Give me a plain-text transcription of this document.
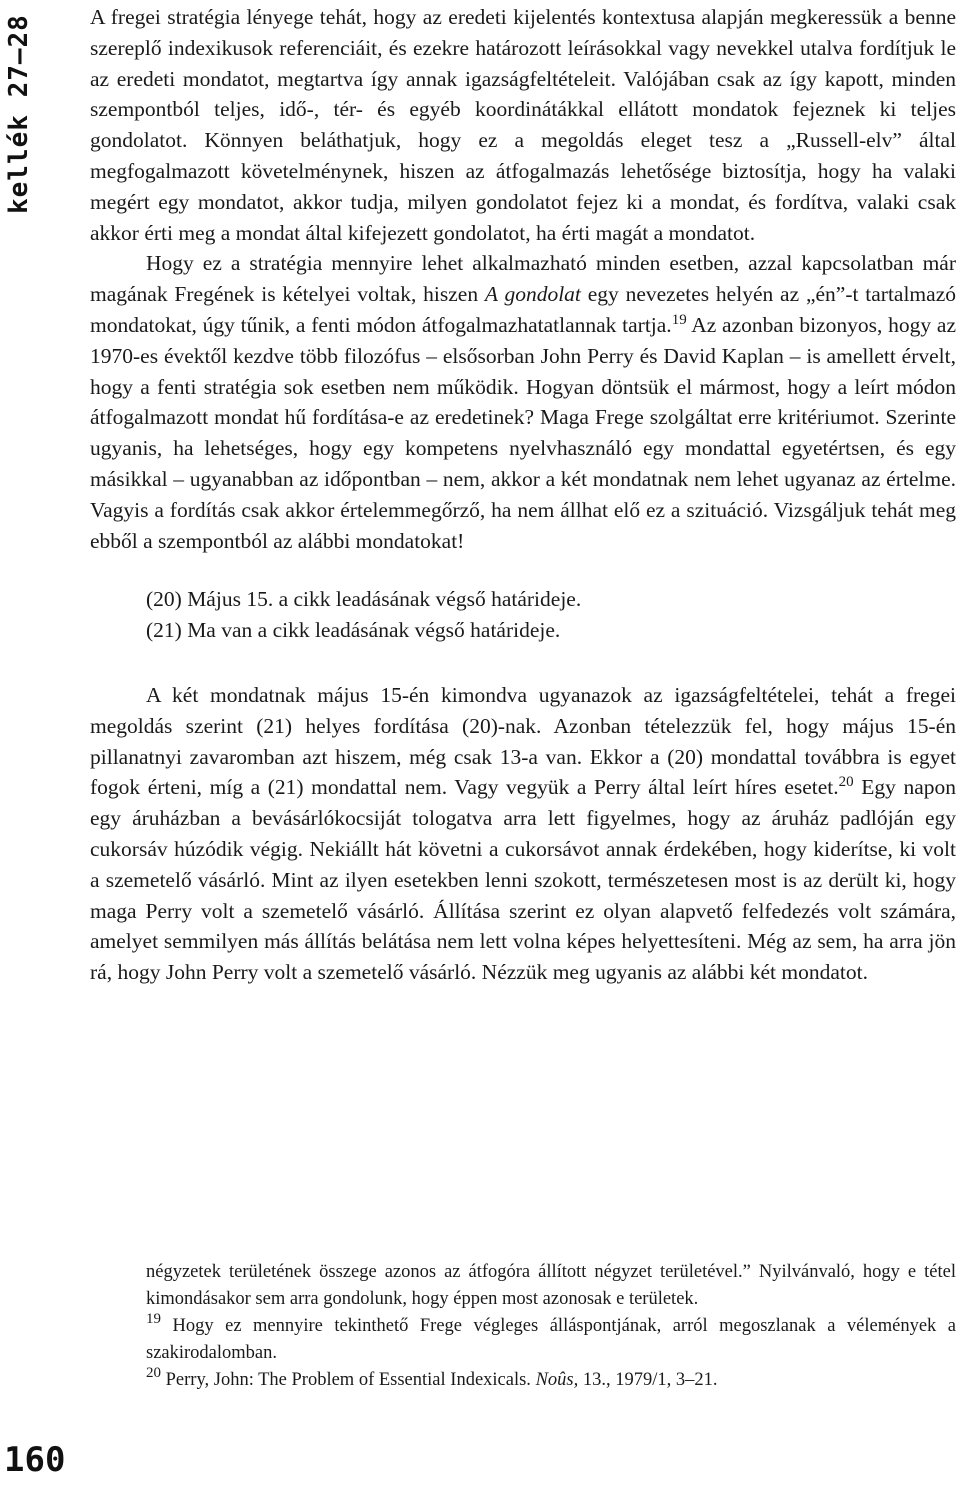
kellék 27–28	A fregei stratégia lényege tehát, hogy az eredeti kijelentés kontextusa alapján megkeressük a benne szereplő indexikusok referenciáit, és ezekre határozott leírásokkal vagy nevekkel utalva fordítjuk le az eredeti mondatot, megtartva így annak igazságfeltételeit. Valójában csak az így kapott, minden szempontból teljes, idő-, tér- és egyéb koordinátákkal ellátott mondatok fejeznek ki teljes gondolatot. Könnyen beláthatjuk, hogy ez a megoldás eleget tesz a „Russell-elv” által megfogalmazott követelménynek, hiszen az átfogalmazás lehetősége biztosítja, hogy ha valaki megért egy mondatot, akkor tudja, milyen gondolatot fejez ki a mondat, és fordítva, valaki csak akkor érti meg a mondat által kifejezett gondolatot, ha érti magát a mondatot.

Hogy ez a stratégia mennyire lehet alkalmazható minden esetben, azzal kapcsolatban már magának Fregének is kételyei voltak, hiszen A gondolat egy nevezetes helyén az „én”-t tartalmazó mondatokat, úgy tűnik, a fenti módon átfogalmazhatatlannak tartja.$^{19}$ Az azonban bizonyos, hogy az 1970-es évektől kezdve több filozófus – elsősorban John Perry és David Kaplan – is amellett érvelt, hogy a fenti stratégia sok esetben nem működik. Hogyan döntsük el mármost, hogy a leírt módon átfogalmazott mondat hű fordítása-e az eredetinek? Maga Frege szolgáltat erre kritériumot. Szerinte ugyanis, ha lehetséges, hogy egy kompetens nyelvhasználó egy mondattal egyetértsen, és egy másikkal – ugyanabban az időpontban – nem, akkor a két mondatnak nem lehet ugyanaz az értelme. Vagyis a fordítás csak akkor értelemmegőrző, ha nem állhat elő ez a szituáció. Vizsgáljuk tehát meg ebből a szempontból az alábbi mondatokat!

(20) Május 15. a cikk leadásának végső határideje.
(21) Ma van a cikk leadásának végső határideje.

A két mondatnak május 15-én kimondva ugyanazok az igazságfeltételei, tehát a fregei megoldás szerint (21) helyes fordítása (20)-nak. Azonban tételezzük fel, hogy május 15-én pillanatnyi zavaromban azt hiszem, még csak 13-a van. Ekkor a (20) mondattal továbbra is egyet fogok érteni, míg a (21) mondattal nem. Vagy vegyük a Perry által leírt híres esetet.$^{20}$ Egy napon egy áruházban a bevásárlókocsiját tologatva arra lett figyelmes, hogy az áruház padlóján egy cukorsáv húzódik végig. Nekiállt hát követni a cukorsávot annak érdekében, hogy kiderítse, ki volt a szemetelő vásárló. Mint az ilyen esetekben lenni szokott, természetesen most is az derült ki, hogy maga Perry volt a szemetelő vásárló. Állítása szerint ez olyan alapvető felfedezés volt számára, amelyet semmilyen más állítás belátása nem lett volna képes helyettesíteni. Még az sem, ha arra jön rá, hogy John Perry volt a szemetelő vásárló. Nézzük meg ugyanis az alábbi két mondatot.

négyzetek területének összege azonos az átfogóra állított négyzet területével.” Nyilvánvaló, hogy e tétel kimondásakor sem arra gondolunk, hogy éppen most azonosak e területek.

$^{19}$ Hogy ez mennyire tekinthető Frege végleges álláspontjának, arról megoszlanak a vélemények a szakirodalomban.

$^{20}$ Perry, John: The Problem of Essential Indexicals. Noûs, 13., 1979/1, 3–21.

160
